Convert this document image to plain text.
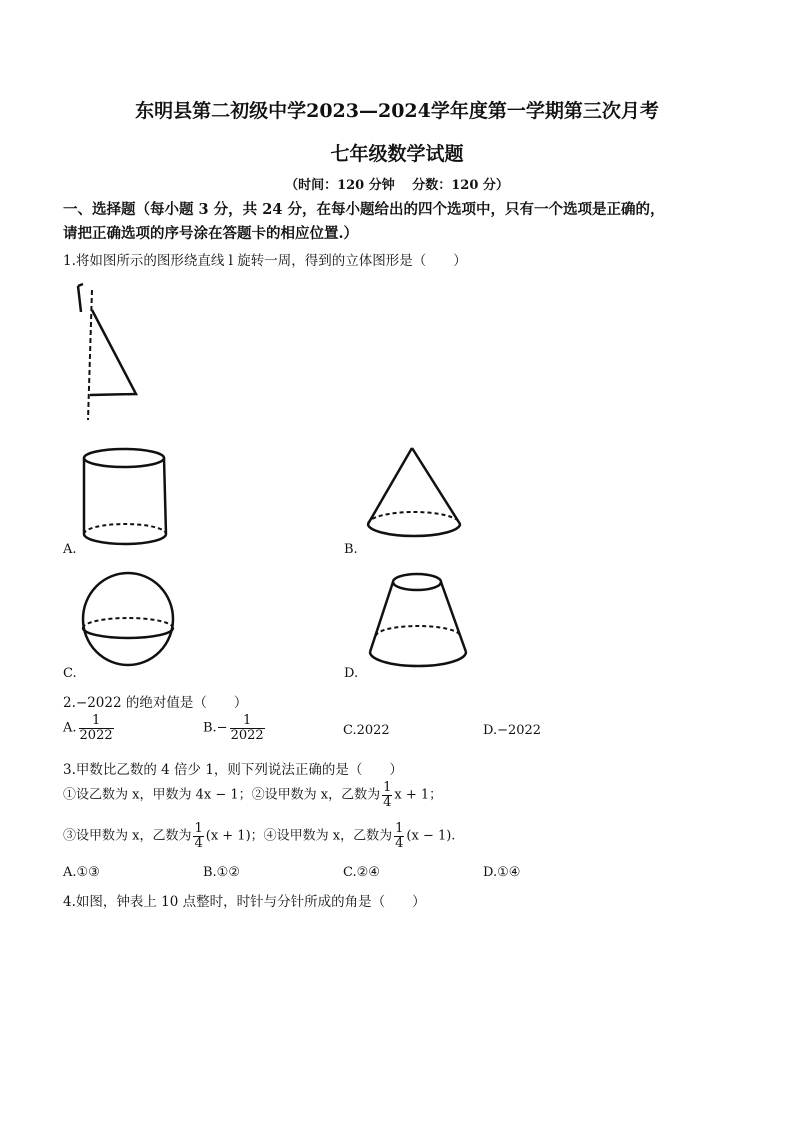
东明县第二初级中学2023—2024学年度第一学期第三次月考
七年级数学试题
（时间：120 分钟　 分数：120 分）
一、选择题（每小题 3 分，共 24 分，在每小题给出的四个选项中，只有一个选项是正确的，
请把正确选项的序号涂在答题卡的相应位置.）
1.将如图所示的图形绕直线 l 旋转一周，得到的立体图形是（　　）
A.	B.
C.	D.
2.−2022 的绝对值是（　　）
A. $\frac{1}{2022}$	$B.- \frac{1}{2022}$	C.2022	D.−2022
3.甲数比乙数的 4 倍少 1，则下列说法正确的是（　　）
①设乙数为 x，甲数为 4x − 1；②设甲数为 x，乙数为 $\frac{1}{4}$ x + 1；
③设甲数为 x，乙数为 $\frac{1}{4} (x + 1)$；④设甲数为 x，乙数为 $\frac{1}{4} (x - 1)$.
A.①③	B.①②	C.②④	D.①④
4.如图，钟表上 10 点整时，时针与分针所成的角是（　　）
